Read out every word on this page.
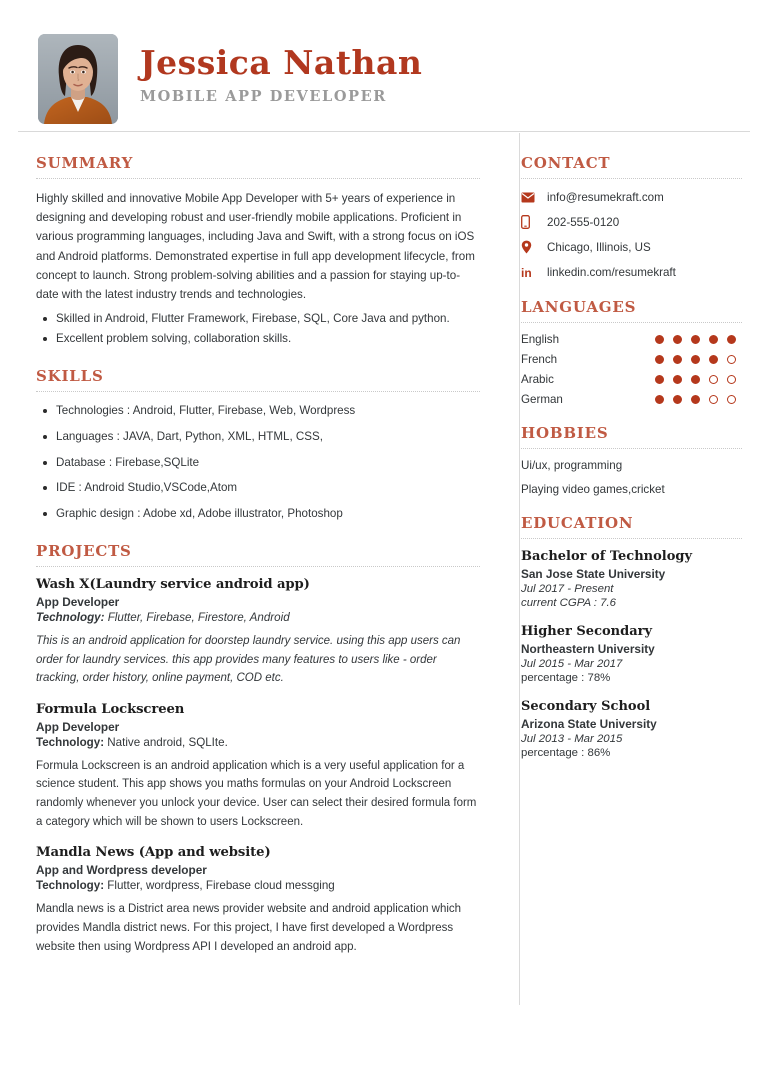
Jessica Nathan
MOBILE APP DEVELOPER
SUMMARY

Highly skilled and innovative Mobile App Developer with 5+ years of experience in designing and developing robust and user-friendly mobile applications. Proficient in various programming languages, including Java and Swift, with a strong focus on iOS and Android platforms. Demonstrated expertise in full app development lifecycle, from concept to launch. Strong problem-solving abilities and a passion for staying up-to-date with the latest industry trends and technologies.

Skilled in Android, Flutter Framework, Firebase, SQL, Core Java and python.
Excellent problem solving, collaboration skills.
SKILLS
Technologies : Android, Flutter, Firebase, Web, Wordpress
Languages : JAVA, Dart, Python, XML, HTML, CSS,
Database : Firebase,SQLite
IDE : Android Studio,VSCode,Atom
Graphic design : Adobe xd, Adobe illustrator, Photoshop
PROJECTS
Wash X(Laundry service android app)
App Developer
Technology: Flutter, Firebase, Firestore, Android
This is an android application for doorstep laundry service. using this app users can order for laundry services. this app provides many features to users like - order tracking, order history, online payment, COD etc.
Formula Lockscreen
App Developer
Technology: Native android, SQLIte.
Formula Lockscreen is an android application which is a very useful application for a science student. This app shows you maths formulas on your Android Lockscreen randomly whenever you unlock your device. User can select their desired formula form a category which will be shown to users Lockscreen.
Mandla News (App and website)
App and Wordpress developer
Technology: Flutter, wordpress, Firebase cloud messging
Mandla news is a District area news provider website and android application which provides Mandla district news. For this project, I have first developed a Wordpress website then using Wordpress API I developed an android app.
CONTACT
info@resumekraft.com
202-555-0120
Chicago, Illinois, US
in linkedin.com/resumekraft
LANGUAGES
English
French
Arabic
German
HOBBIES
Ui/ux, programming
Playing video games,cricket
EDUCATION
Bachelor of Technology
San Jose State University
Jul 2017 - Present
current CGPA : 7.6
Higher Secondary
Northeastern University
Jul 2015 - Mar 2017
percentage : 78%
Secondary School
Arizona State University
Jul 2013 - Mar 2015
percentage : 86%
